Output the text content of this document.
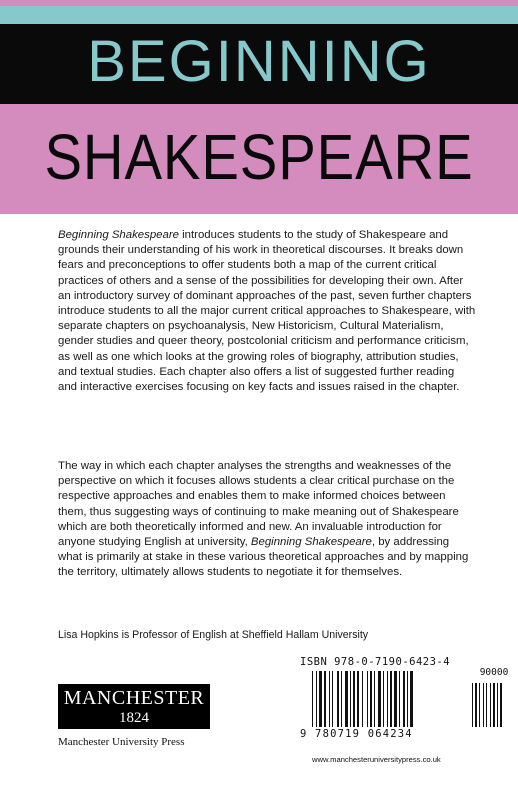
BEGINNING
SHAKESPEARE
Beginning Shakespeare introduces students to the study of Shakespeare and grounds their understanding of his work in theoretical discourses. It breaks down fears and preconceptions to offer students both a map of the current critical practices of others and a sense of the possibilities for developing their own. After an introductory survey of dominant approaches of the past, seven further chapters introduce students to all the major current critical approaches to Shakespeare, with separate chapters on psychoanalysis, New Historicism, Cultural Materialism, gender studies and queer theory, postcolonial criticism and performance criticism, as well as one which looks at the growing roles of biography, attribution studies, and textual studies. Each chapter also offers a list of suggested further reading and interactive exercises focusing on key facts and issues raised in the chapter.
The way in which each chapter analyses the strengths and weaknesses of the perspective on which it focuses allows students a clear critical purchase on the respective approaches and enables them to make informed choices between them, thus suggesting ways of continuing to make meaning out of Shakespeare which are both theoretically informed and new. An invaluable introduction for anyone studying English at university, Beginning Shakespeare, by addressing what is primarily at stake in these various theoretical approaches and by mapping the territory, ultimately allows students to negotiate it for themselves.
Lisa Hopkins is Professor of English at Sheffield Hallam University
ISBN 978-0-7190-6423-4
90000
9 780719 064234
www.manchesteruniversitypress.co.uk
MANCHESTER
1824
Manchester University Press
